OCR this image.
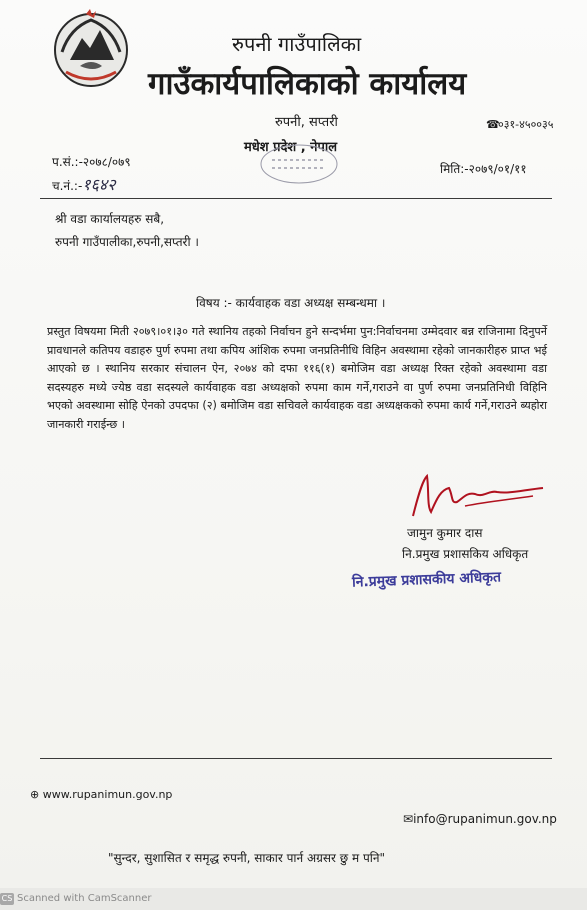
रुपनी गाउँपालिका
गाउँकार्यपालिकाको कार्यालय
रुपनी, सप्तरी
मधेश प्रदेश , नेपाल
☎०३१-४५००३५
प.सं.:-२०७८/०७९
च.नं.:-१६४२
मिति:-२०७९/०१/११
श्री वडा कार्यालयहरु सबै,
रुपनी गाउँपालीका,रुपनी,सप्तरी ।
विषय :- कार्यवाहक वडा अध्यक्ष सम्बन्धमा ।
प्रस्तुत विषयमा मिती २०७९।०१।३० गते स्थानिय तहको निर्वाचन हुने सन्दर्भमा पुन:निर्वाचनमा उम्मेदवार बन्न राजिनामा दिनुपर्ने प्रावधानले कतिपय वडाहरु पुर्ण रुपमा तथा कपिय आंशिक रुपमा जनप्रतिनीधि विहिन अवस्थामा रहेको जानकारीहरु प्राप्त भई आएको छ । स्थानिय सरकार संचालन ऐन, २०७४ को दफा ११६(१) बमोजिम वडा अध्यक्ष रिक्त रहेको अवस्थामा वडा सदस्यहरु मध्ये ज्येष्ठ वडा सदस्यले कार्यवाहक वडा अध्यक्षको रुपमा काम गर्ने,गराउने वा पुर्ण रुपमा जनप्रतिनिधी विहिनि भएको अवस्थामा सोहि ऐनको उपदफा (२) बमोजिम वडा सचिवले कार्यवाहक वडा अध्यक्षकको रुपमा कार्य गर्ने,गराउने ब्यहोरा जानकारी गराईन्छ ।
जामुन कुमार दास
नि.प्रमुख प्रशासकिय अधिकृत
नि.प्रमुख प्रशासकीय अधिकृत
⊕ www.rupanimun.gov.np
✉info@rupanimun.gov.np
"सुन्दर, सुशासित र समृद्ध रुपनी, साकार पार्न अग्रसर छु म पनि"
CS Scanned with CamScanner
